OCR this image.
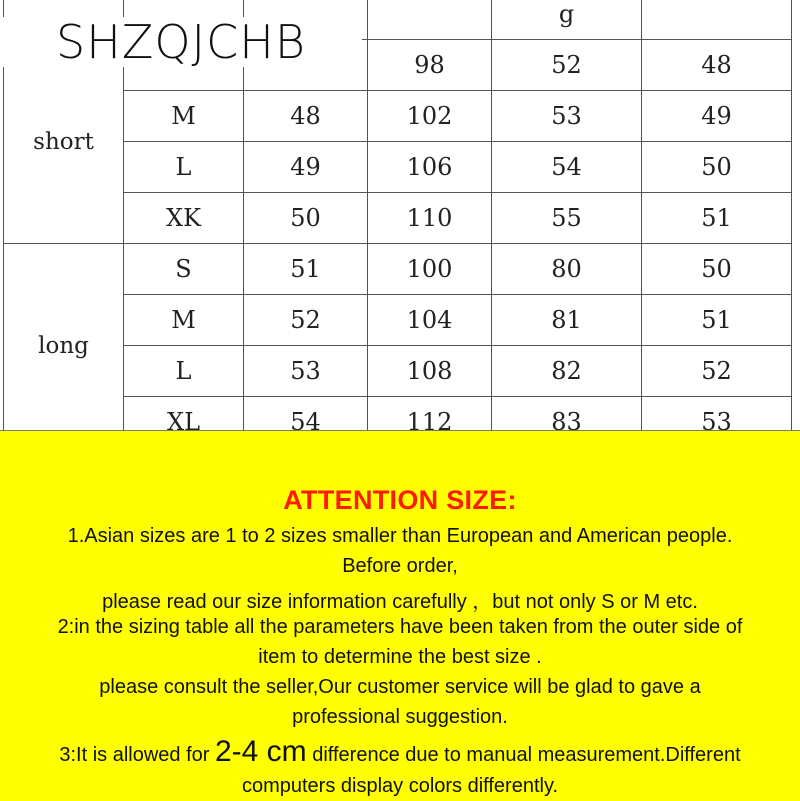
				g	
short			98	52	48
	M	48	102	53	49
	L	49	106	54	50
	XK	50	110	55	51
long	S	51	100	80	50
	M	52	104	81	51
	L	53	108	82	52
	XL	54	112	83	53
SHZQJCHB
ATTENTION SIZE:
1.Asian sizes are 1 to 2 sizes smaller than European and American people.
Before order,
please read our size information carefully ，but not only S or M etc.
2:in the sizing table all the parameters have been taken from the outer side of
item to determine the best size .
please consult the seller,Our customer service will be glad to gave a
professional suggestion.
3:It is allowed for 2-4 cm difference due to manual measurement.Different
computers display colors differently.
